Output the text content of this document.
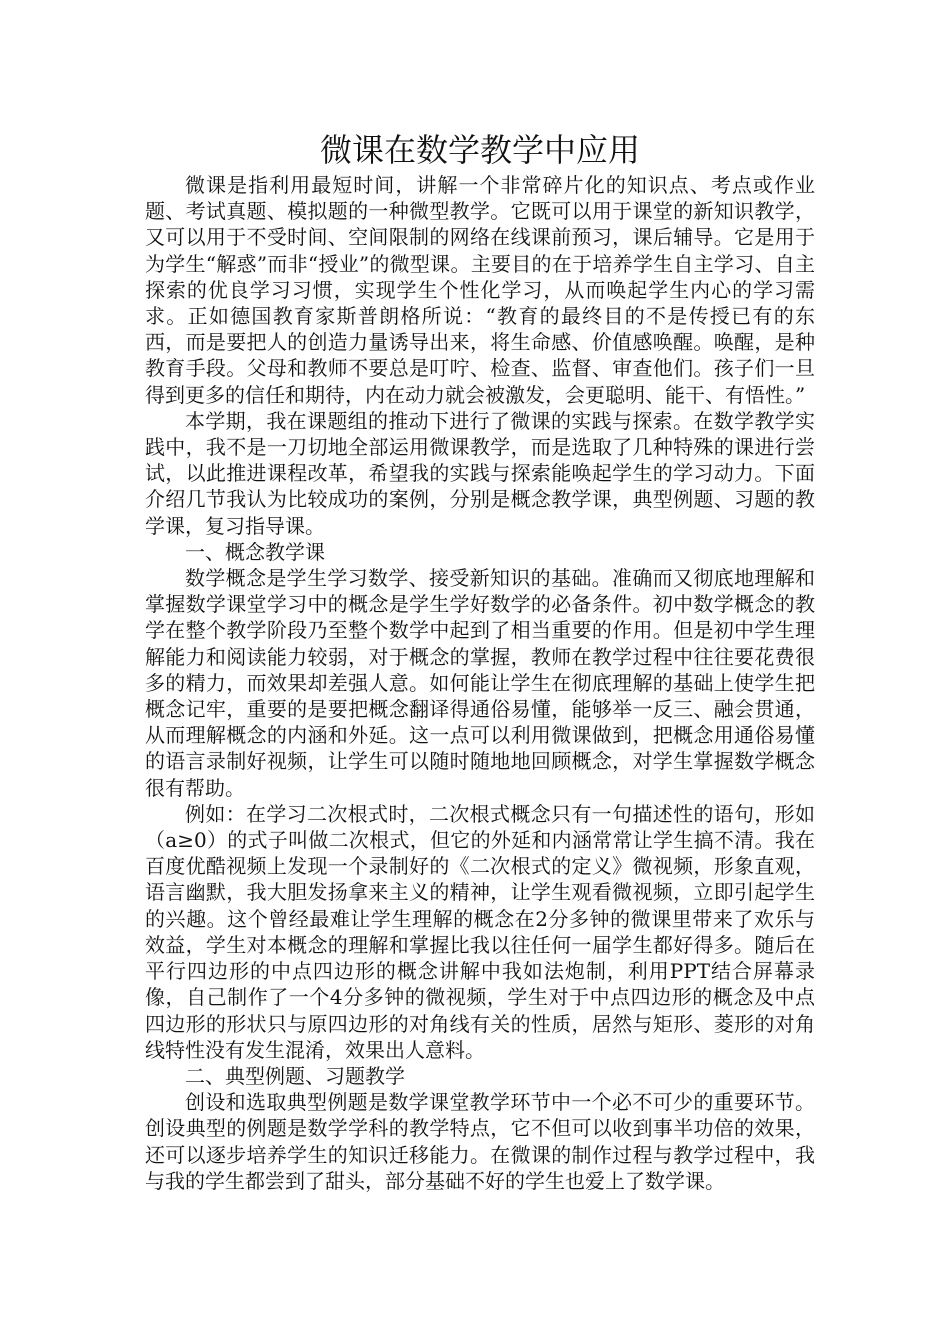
微课在数学教学中应用

微课是指利用最短时间，讲解一个非常碎片化的知识点、考点或作业题、考试真题、模拟题的一种微型教学。它既可以用于课堂的新知识教学，又可以用于不受时间、空间限制的网络在线课前预习，课后辅导。它是用于为学生“解惑”而非“授业”的微型课。主要目的在于培养学生自主学习、自主探索的优良学习习惯，实现学生个性化学习，从而唤起学生内心的学习需求。正如德国教育家斯普朗格所说：“教育的最终目的不是传授已有的东西，而是要把人的创造力量诱导出来，将生命感、价值感唤醒。唤醒，是种教育手段。父母和教师不要总是叮咛、检查、监督、审查他们。孩子们一旦得到更多的信任和期待，内在动力就会被激发，会更聪明、能干、有悟性。”

本学期，我在课题组的推动下进行了微课的实践与探索。在数学教学实践中，我不是一刀切地全部运用微课教学，而是选取了几种特殊的课进行尝试，以此推进课程改革，希望我的实践与探索能唤起学生的学习动力。下面介绍几节我认为比较成功的案例，分别是概念教学课，典型例题、习题的教学课，复习指导课。

一、概念教学课

数学概念是学生学习数学、接受新知识的基础。准确而又彻底地理解和掌握数学课堂学习中的概念是学生学好数学的必备条件。初中数学概念的教学在整个教学阶段乃至整个数学中起到了相当重要的作用。但是初中学生理解能力和阅读能力较弱，对于概念的掌握，教师在教学过程中往往要花费很多的精力，而效果却差强人意。如何能让学生在彻底理解的基础上使学生把概念记牢，重要的是要把概念翻译得通俗易懂，能够举一反三、融会贯通，从而理解概念的内涵和外延。这一点可以利用微课做到，把概念用通俗易懂的语言录制好视频，让学生可以随时随地地回顾概念，对学生掌握数学概念很有帮助。

例如：在学习二次根式时，二次根式概念只有一句描述性的语句，形如（a≥0）的式子叫做二次根式，但它的外延和内涵常常让学生搞不清。我在百度优酷视频上发现一个录制好的《二次根式的定义》微视频，形象直观，语言幽默，我大胆发扬拿来主义的精神，让学生观看微视频，立即引起学生的兴趣。这个曾经最难让学生理解的概念在2分多钟的微课里带来了欢乐与效益，学生对本概念的理解和掌握比我以往任何一届学生都好得多。随后在平行四边形的中点四边形的概念讲解中我如法炮制，利用PPT结合屏幕录像，自己制作了一个4分多钟的微视频，学生对于中点四边形的概念及中点四边形的形状只与原四边形的对角线有关的性质，居然与矩形、菱形的对角线特性没有发生混淆，效果出人意料。

二、典型例题、习题教学

创设和选取典型例题是数学课堂教学环节中一个必不可少的重要环节。创设典型的例题是数学学科的教学特点，它不但可以收到事半功倍的效果，还可以逐步培养学生的知识迁移能力。在微课的制作过程与教学过程中，我与我的学生都尝到了甜头，部分基础不好的学生也爱上了数学课。
